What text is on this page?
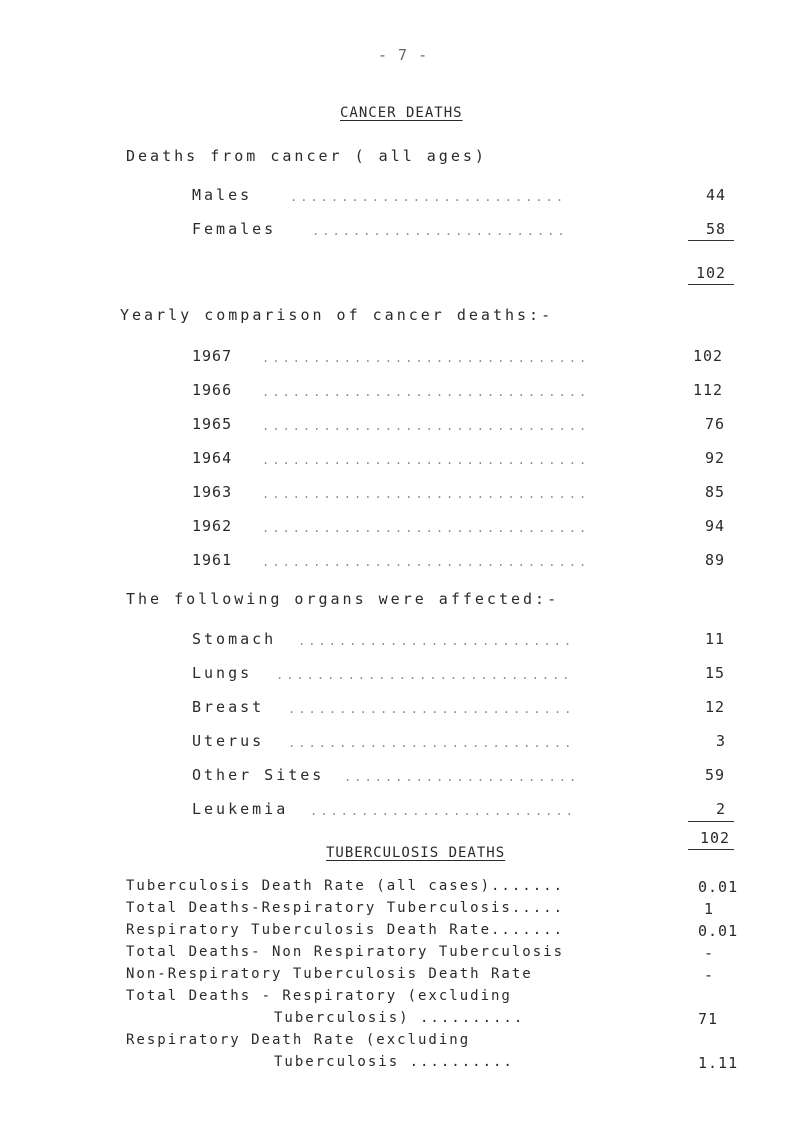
- 7 -
CANCER DEATHS
Deaths from cancer ( all ages)
Males	...........................	44
Females	.........................	58
102
Yearly comparison of cancer deaths:-
1967 ................................	102
1966 ................................	112
1965 ................................	76
1964 ................................	92
1963 ................................	85
1962 ................................	94
1961 ................................	89
The following organs were affected:-
Stomach ...........................	11
Lungs .............................	15
Breast ............................	12
Uterus ............................	3
Other Sites .......................	59
Leukemia ..........................	2
102
TUBERCULOSIS DEATHS
Tuberculosis Death Rate (all cases).......	0.01
Total Deaths-Respiratory Tuberculosis.....	1
Respiratory Tuberculosis Death Rate.......	0.01
Total Deaths- Non Respiratory Tuberculosis	-
Non-Respiratory Tuberculosis Death Rate	-
Total Deaths - Respiratory (excluding
Tuberculosis) ..........	71
Respiratory Death Rate (excluding
Tuberculosis ..........	1.11
